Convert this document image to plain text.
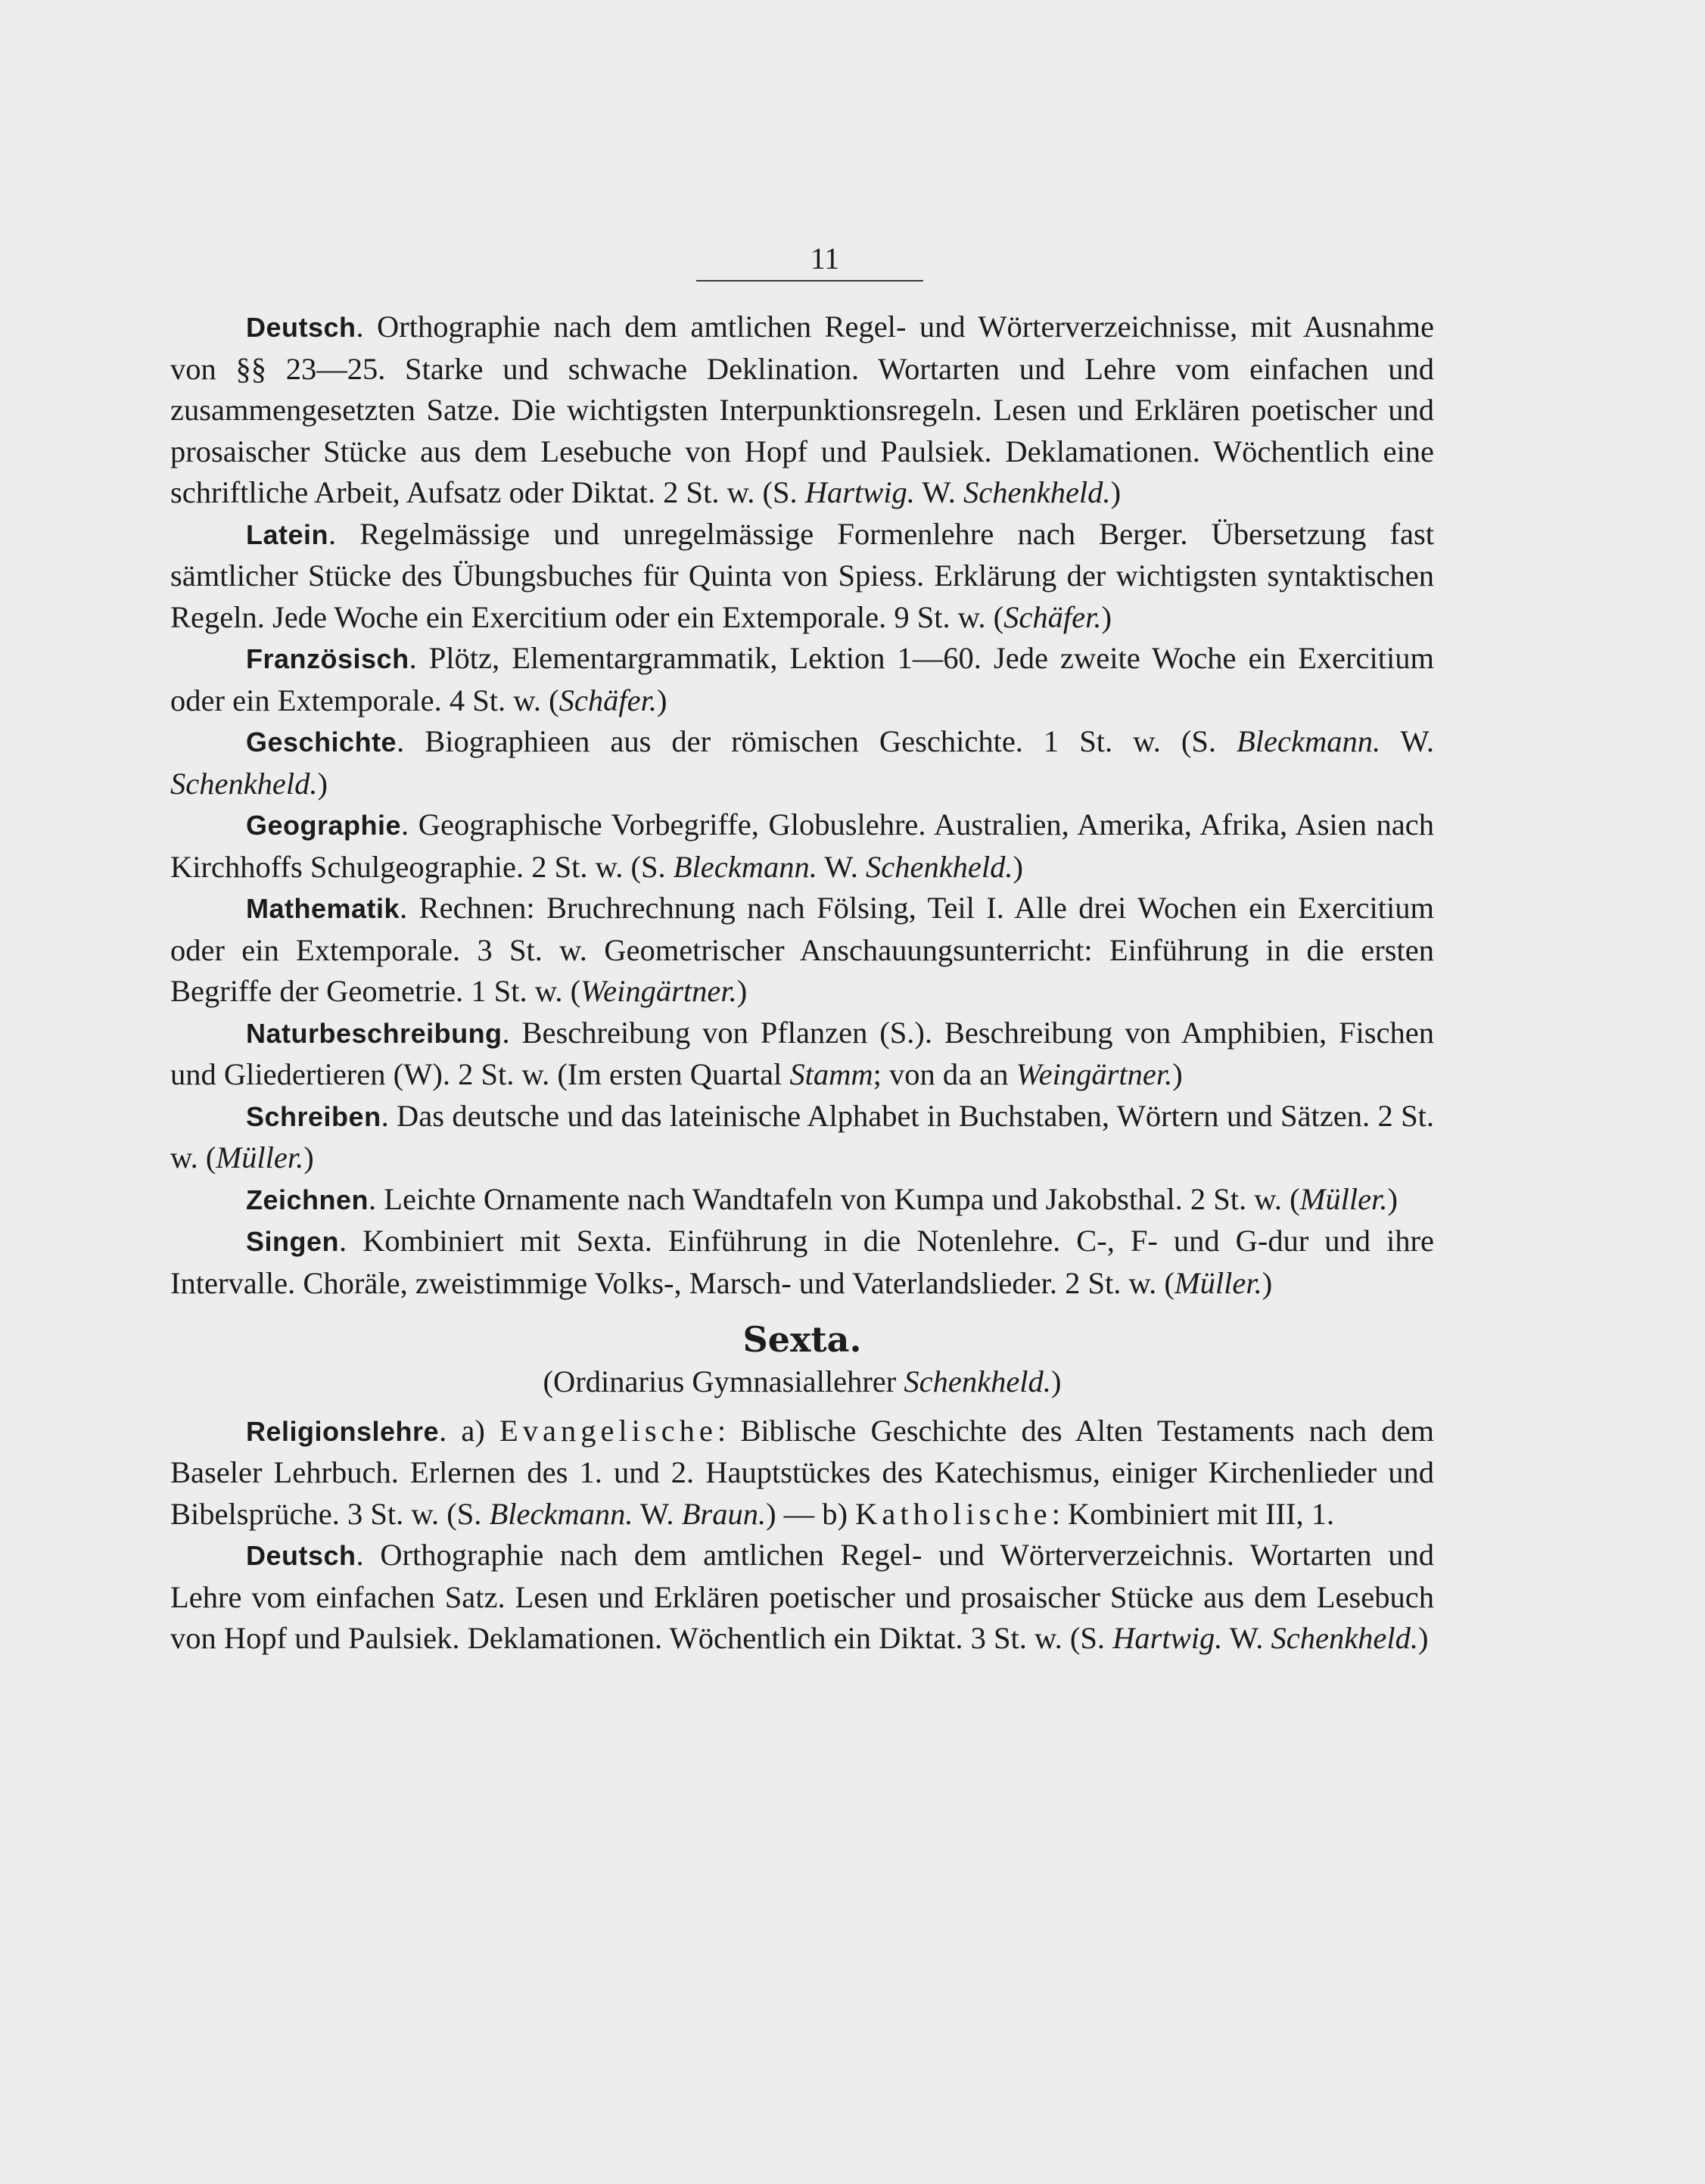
11

Deutsch. Orthographie nach dem amtlichen Regel- und Wörterverzeichnisse, mit Ausnahme von §§ 23—25. Starke und schwache Deklination. Wortarten und Lehre vom einfachen und zusammengesetzten Satze. Die wichtigsten Interpunktionsregeln. Lesen und Erklären poetischer und prosaischer Stücke aus dem Lesebuche von Hopf und Paulsiek. Deklamationen. Wöchentlich eine schriftliche Arbeit, Aufsatz oder Diktat. 2 St. w. (S. Hartwig. W. Schenkheld.)

Latein. Regelmässige und unregelmässige Formenlehre nach Berger. Übersetzung fast sämtlicher Stücke des Übungsbuches für Quinta von Spiess. Erklärung der wichtigsten syntaktischen Regeln. Jede Woche ein Exercitium oder ein Extemporale. 9 St. w. (Schäfer.)

Französisch. Plötz, Elementargrammatik, Lektion 1—60. Jede zweite Woche ein Exercitium oder ein Extemporale. 4 St. w. (Schäfer.)

Geschichte. Biographieen aus der römischen Geschichte. 1 St. w. (S. Bleckmann. W. Schenkheld.)

Geographie. Geographische Vorbegriffe, Globuslehre. Australien, Amerika, Afrika, Asien nach Kirchhoffs Schulgeographie. 2 St. w. (S. Bleckmann. W. Schenkheld.)

Mathematik. Rechnen: Bruchrechnung nach Fölsing, Teil I. Alle drei Wochen ein Exercitium oder ein Extemporale. 3 St. w. Geometrischer Anschauungsunterricht: Einführung in die ersten Begriffe der Geometrie. 1 St. w. (Weingärtner.)

Naturbeschreibung. Beschreibung von Pflanzen (S.). Beschreibung von Amphibien, Fischen und Gliedertieren (W). 2 St. w. (Im ersten Quartal Stamm; von da an Weingärtner.)

Schreiben. Das deutsche und das lateinische Alphabet in Buchstaben, Wörtern und Sätzen. 2 St. w. (Müller.)

Zeichnen. Leichte Ornamente nach Wandtafeln von Kumpa und Jakobsthal. 2 St. w. (Müller.)

Singen. Kombiniert mit Sexta. Einführung in die Notenlehre. C-, F- und G-dur und ihre Intervalle. Choräle, zweistimmige Volks-, Marsch- und Vaterlandslieder. 2 St. w. (Müller.)

Sexta.

(Ordinarius Gymnasiallehrer Schenkheld.)

Religionslehre. a) Evangelische: Biblische Geschichte des Alten Testaments nach dem Baseler Lehrbuch. Erlernen des 1. und 2. Hauptstückes des Katechismus, einiger Kirchenlieder und Bibelsprüche. 3 St. w. (S. Bleckmann. W. Braun.) — b) Katholische: Kombiniert mit III, 1.

Deutsch. Orthographie nach dem amtlichen Regel- und Wörterverzeichnis. Wortarten und Lehre vom einfachen Satz. Lesen und Erklären poetischer und prosaischer Stücke aus dem Lesebuch von Hopf und Paulsiek. Deklamationen. Wöchentlich ein Diktat. 3 St. w. (S. Hartwig. W. Schenkheld.)
